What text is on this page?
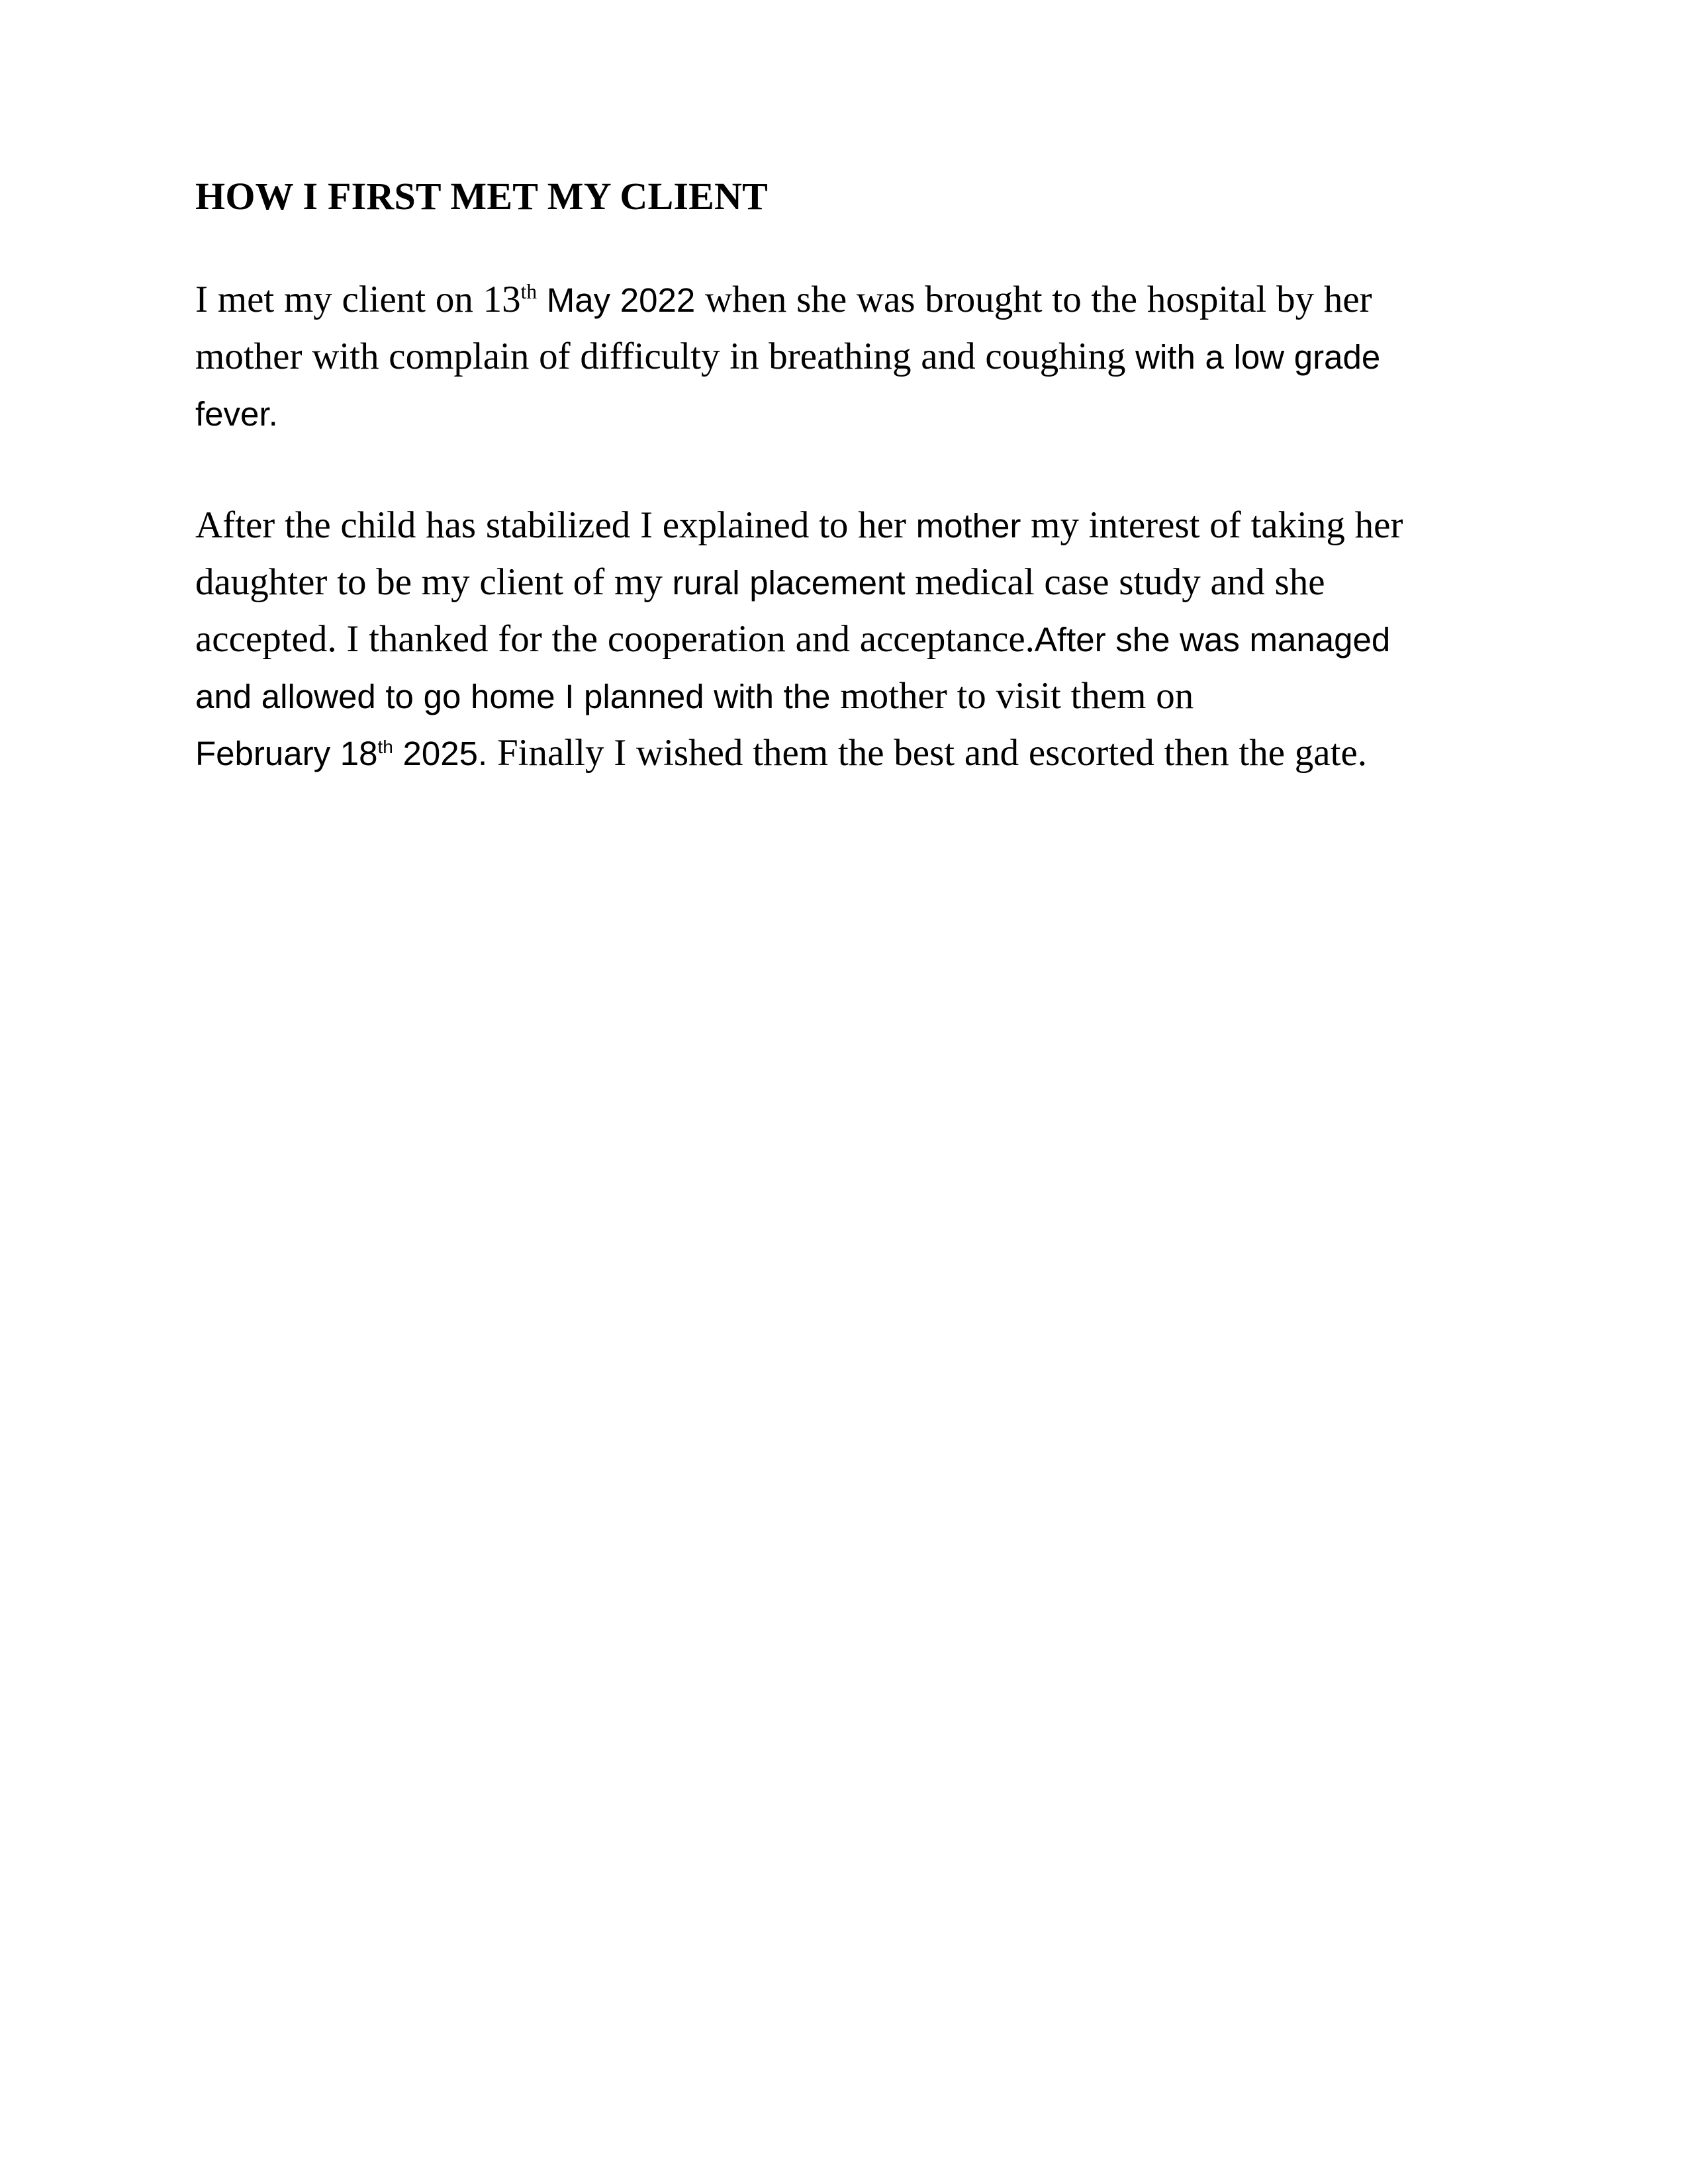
HOW I FIRST MET MY CLIENT

I met my client on 13th May 2022 when she was brought to the hospital by her mother with complain of difficulty in breathing and coughing with a low grade fever.

After the child has stabilized I explained to her mother my interest of taking her daughter to be my client of my rural placement medical case study and she accepted. I thanked for the cooperation and acceptance.After she was managed and allowed to go home I planned with the mother to visit them on February 18th 2025. Finally I wished them the best and escorted then the gate.
